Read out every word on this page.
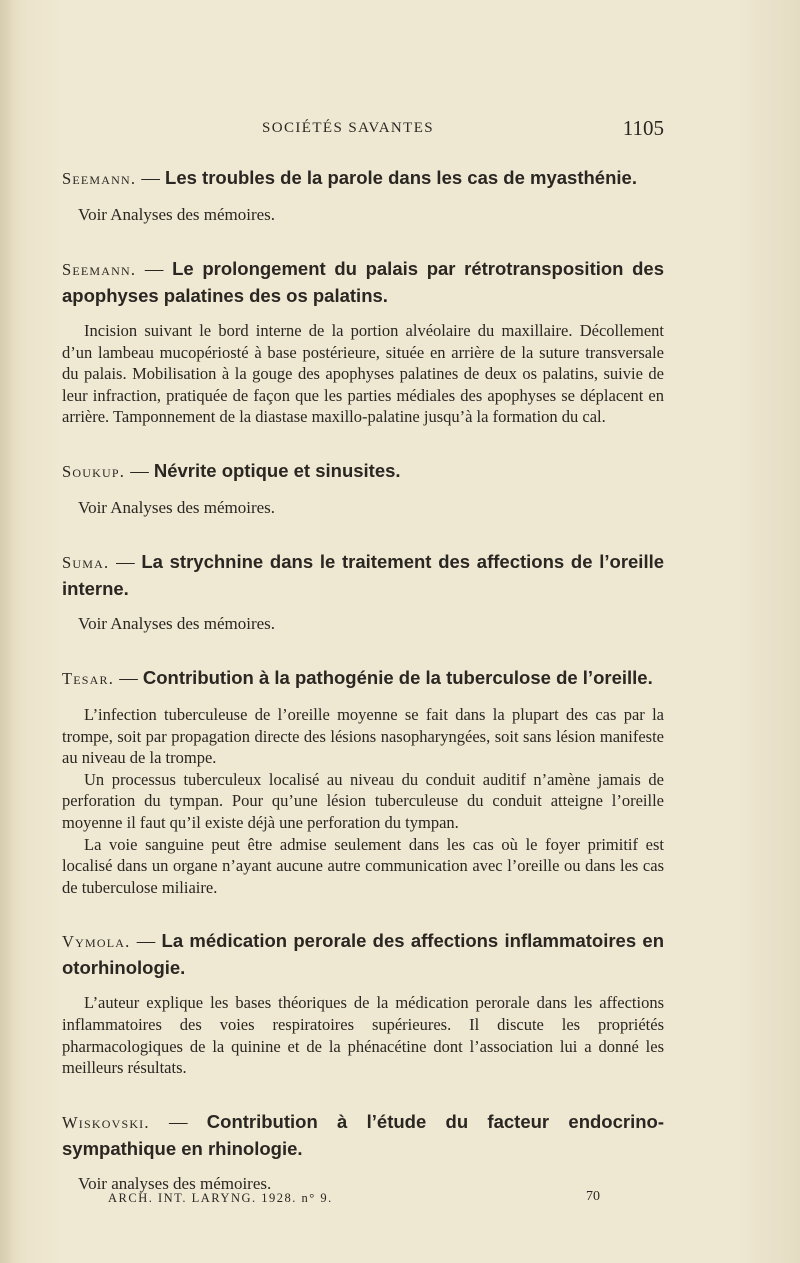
SOCIÉTÉS SAVANTES	1105

Seemann. — Les troubles de la parole dans les cas de myasthénie.

Voir Analyses des mémoires.

Seemann. — Le prolongement du palais par rétrotransposition des apophyses palatines des os palatins.

Incision suivant le bord interne de la portion alvéolaire du maxillaire. Décollement d’un lambeau mucopériosté à base postérieure, située en arrière de la suture transversale du palais. Mobilisation à la gouge des apophyses palatines de deux os palatins, suivie de leur infraction, pratiquée de façon que les parties médiales des apophyses se déplacent en arrière. Tamponnement de la diastase maxillo-palatine jusqu’à la formation du cal.

Soukup. — Névrite optique et sinusites.

Voir Analyses des mémoires.

Suma. — La strychnine dans le traitement des affections de l’oreille interne.

Voir Analyses des mémoires.

Tesar. — Contribution à la pathogénie de la tuberculose de l’oreille.

L’infection tuberculeuse de l’oreille moyenne se fait dans la plupart des cas par la trompe, soit par propagation directe des lésions nasopharyngées, soit sans lésion manifeste au niveau de la trompe.

Un processus tuberculeux localisé au niveau du conduit auditif n’amène jamais de perforation du tympan. Pour qu’une lésion tuberculeuse du conduit atteigne l’oreille moyenne il faut qu’il existe déjà une perforation du tympan.

La voie sanguine peut être admise seulement dans les cas où le foyer primitif est localisé dans un organe n’ayant aucune autre communication avec l’oreille ou dans les cas de tuberculose miliaire.

Vymola. — La médication perorale des affections inflammatoires en otorhinologie.

L’auteur explique les bases théoriques de la médication perorale dans les affections inflammatoires des voies respiratoires supérieures. Il discute les propriétés pharmacologiques de la quinine et de la phénacétine dont l’association lui a donné les meilleurs résultats.

Wiskovski. — Contribution à l’étude du facteur endocrino-sympathique en rhinologie.

Voir analyses des mémoires.

ARCH. INT. LARYNG. 1928. n° 9.	70
